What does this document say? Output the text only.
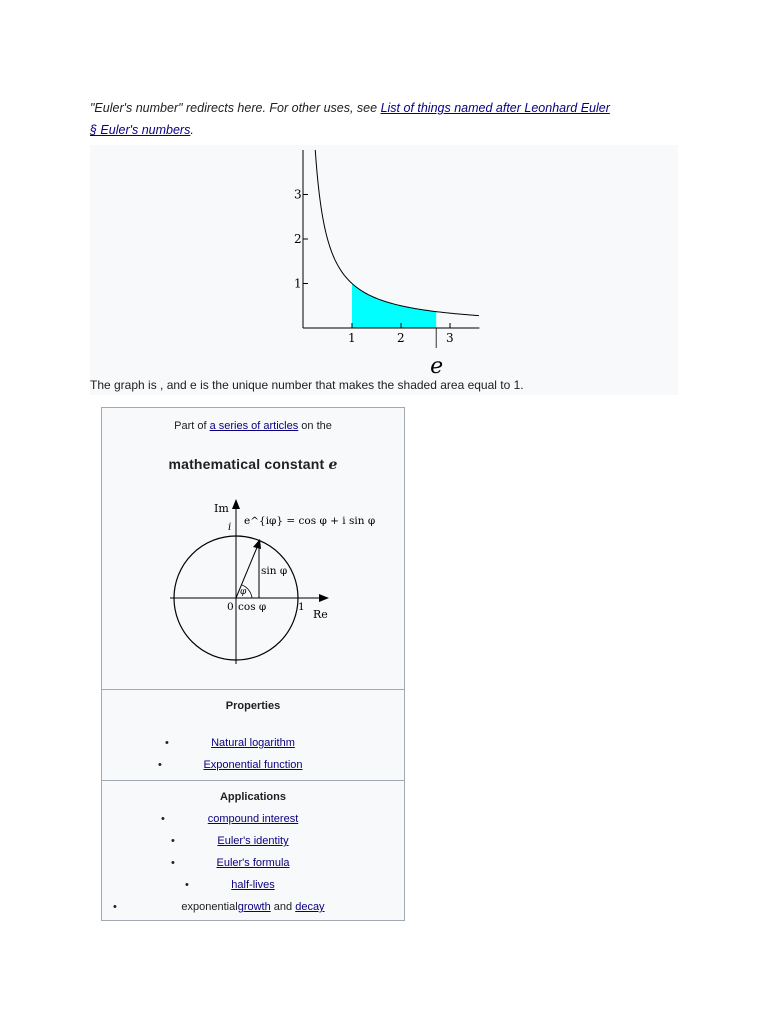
"Euler's number" redirects here. For other uses, see List of things named after Leonhard Euler
§ Euler's numbers.
1	2	3
1
2
3
e
The graph is , and e is the unique number that makes the shaded area equal to 1.
Part of a series of articles on the
mathematical constant e
Im
i
e^{iφ} = cos φ + i sin φ
sin φ
φ
0 cos φ	1
Re
Properties
•	Natural logarithm
•	Exponential function
Applications
•	compound interest
•	Euler's identity
•	Euler's formula
•	half-lives
•	exponentialgrowth and decay
